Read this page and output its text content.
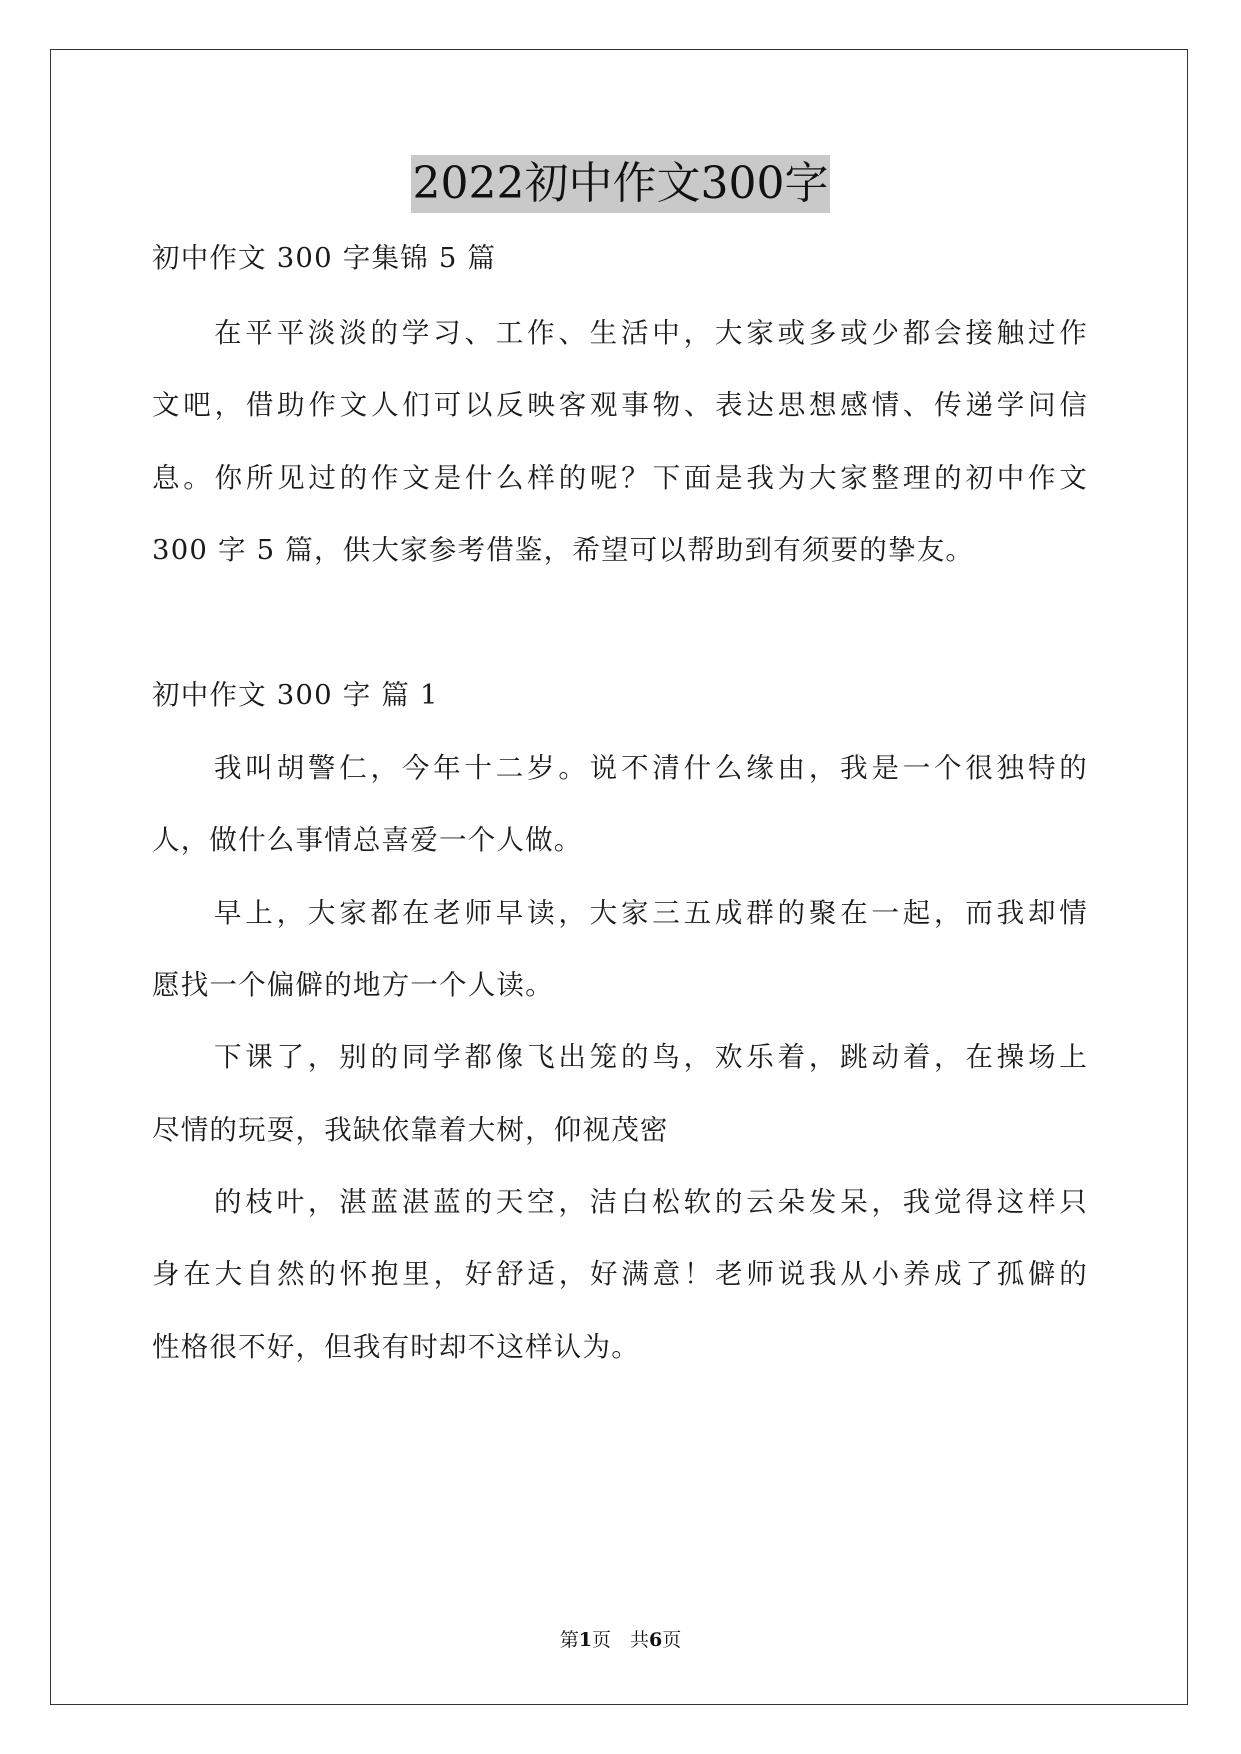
2022初中作文300字
初中作文 300 字集锦 5 篇
在平平淡淡的学习、工作、生活中，大家或多或少都会接触过作
文吧，借助作文人们可以反映客观事物、表达思想感情、传递学问信
息。你所见过的作文是什么样的呢？下面是我为大家整理的初中作文
300 字 5 篇，供大家参考借鉴，希望可以帮助到有须要的挚友。
初中作文 300 字 篇 1
我叫胡警仁，今年十二岁。说不清什么缘由，我是一个很独特的
人，做什么事情总喜爱一个人做。
早上，大家都在老师早读，大家三五成群的聚在一起，而我却情
愿找一个偏僻的地方一个人读。
下课了，别的同学都像飞出笼的鸟，欢乐着，跳动着，在操场上
尽情的玩耍，我缺依靠着大树，仰视茂密
的枝叶，湛蓝湛蓝的天空，洁白松软的云朵发呆，我觉得这样只
身在大自然的怀抱里，好舒适，好满意！老师说我从小养成了孤僻的
性格很不好，但我有时却不这样认为。
第1页　共6页
